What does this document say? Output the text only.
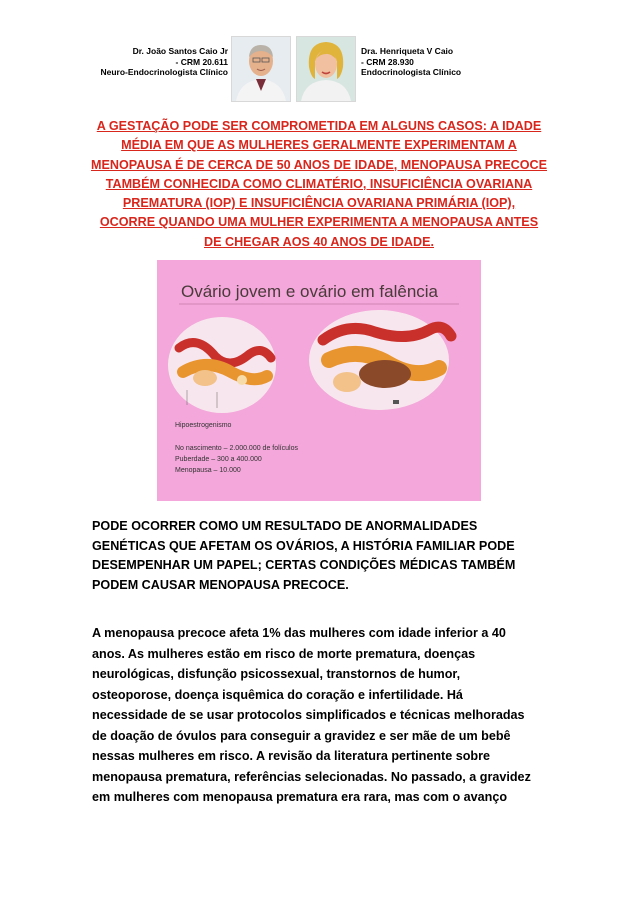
Dr. João Santos Caio Jr
- CRM 20.611
Neuro-Endocrinologista Clínico
Dra. Henriqueta V Caio
- CRM 28.930
Endocrinologista Clínico
A GESTAÇÃO PODE SER COMPROMETIDA EM ALGUNS CASOS: A IDADE
MÉDIA EM QUE AS MULHERES GERALMENTE EXPERIMENTAM A
MENOPAUSA É DE CERCA DE 50 ANOS DE IDADE, MENOPAUSA PRECOCE
TAMBÉM CONHECIDA COMO CLIMATÉRIO, INSUFICIÊNCIA OVARIANA
PREMATURA (IOP) E INSUFICIÊNCIA OVARIANA PRIMÁRIA (IOP),
OCORRE QUANDO UMA MULHER EXPERIMENTA A MENOPAUSA ANTES
DE CHEGAR AOS 40 ANOS DE IDADE.
Ovário jovem e ovário em falência
Hipoestrogenismo
No nascimento – 2.000.000 de folículos
Puberdade – 300 a 400.000
Menopausa – 10.000
PODE OCORRER COMO UM RESULTADO DE ANORMALIDADES
GENÉTICAS QUE AFETAM OS OVÁRIOS, A HISTÓRIA FAMILIAR PODE
DESEMPENHAR UM PAPEL; CERTAS CONDIÇÕES MÉDICAS TAMBÉM
PODEM CAUSAR MENOPAUSA PRECOCE.
A menopausa precoce afeta 1% das mulheres com idade inferior a 40
anos. As mulheres estão em risco de morte prematura, doenças
neurológicas, disfunção psicossexual, transtornos de humor,
osteoporose, doença isquêmica do coração e infertilidade. Há
necessidade de se usar protocolos simplificados e técnicas melhoradas
de doação de óvulos para conseguir a gravidez e ser mãe de um bebê
nessas mulheres em risco. A revisão da literatura pertinente sobre
menopausa prematura, referências selecionadas. No passado, a gravidez
em mulheres com menopausa prematura era rara, mas com o avanço
